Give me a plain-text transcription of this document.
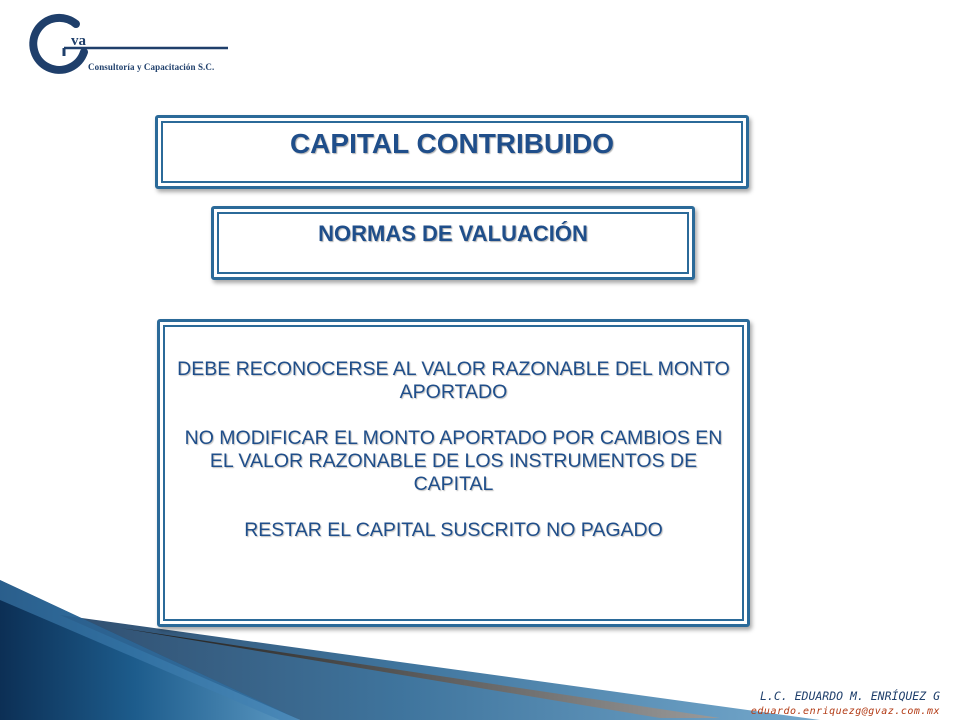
va
Consultoría y Capacitación S.C.
CAPITAL CONTRIBUIDO
NORMAS DE VALUACIÓN

DEBE RECONOCERSE AL VALOR RAZONABLE DEL MONTO APORTADO

NO MODIFICAR EL MONTO APORTADO POR CAMBIOS EN EL VALOR RAZONABLE DE LOS INSTRUMENTOS DE CAPITAL

RESTAR EL CAPITAL SUSCRITO NO PAGADO

L.C. EDUARDO M. ENRÍQUEZ G
eduardo.enriquezg@gvaz.com.mx
